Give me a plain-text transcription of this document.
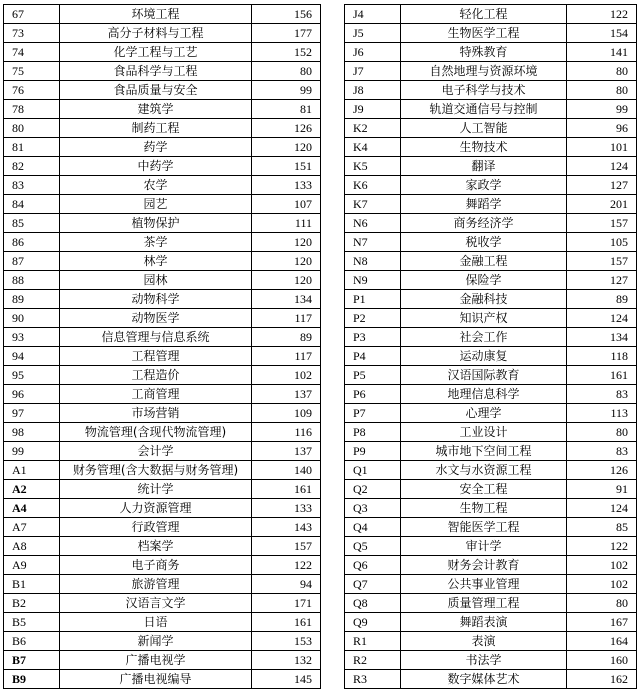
67	环境工程	156
73	高分子材料与工程	177
74	化学工程与工艺	152
75	食品科学与工程	80
76	食品质量与安全	99
78	建筑学	81
80	制药工程	126
81	药学	120
82	中药学	151
83	农学	133
84	园艺	107
85	植物保护	111
86	茶学	120
87	林学	120
88	园林	120
89	动物科学	134
90	动物医学	117
93	信息管理与信息系统	89
94	工程管理	117
95	工程造价	102
96	工商管理	137
97	市场营销	109
98	物流管理(含现代物流管理)	116
99	会计学	137
A1	财务管理(含大数据与财务管理)	140
A2	统计学	161
A4	人力资源管理	133
A7	行政管理	143
A8	档案学	157
A9	电子商务	122
B1	旅游管理	94
B2	汉语言文学	171
B5	日语	161
B6	新闻学	153
B7	广播电视学	132
B9	广播电视编导	145
J4	轻化工程	122
J5	生物医学工程	154
J6	特殊教育	141
J7	自然地理与资源环境	80
J8	电子科学与技术	80
J9	轨道交通信号与控制	99
K2	人工智能	96
K4	生物技术	101
K5	翻译	124
K6	家政学	127
K7	舞蹈学	201
N6	商务经济学	157
N7	税收学	105
N8	金融工程	157
N9	保险学	127
P1	金融科技	89
P2	知识产权	124
P3	社会工作	134
P4	运动康复	118
P5	汉语国际教育	161
P6	地理信息科学	83
P7	心理学	113
P8	工业设计	80
P9	城市地下空间工程	83
Q1	水文与水资源工程	126
Q2	安全工程	91
Q3	生物工程	124
Q4	智能医学工程	85
Q5	审计学	122
Q6	财务会计教育	102
Q7	公共事业管理	102
Q8	质量管理工程	80
Q9	舞蹈表演	167
R1	表演	164
R2	书法学	160
R3	数字媒体艺术	162
